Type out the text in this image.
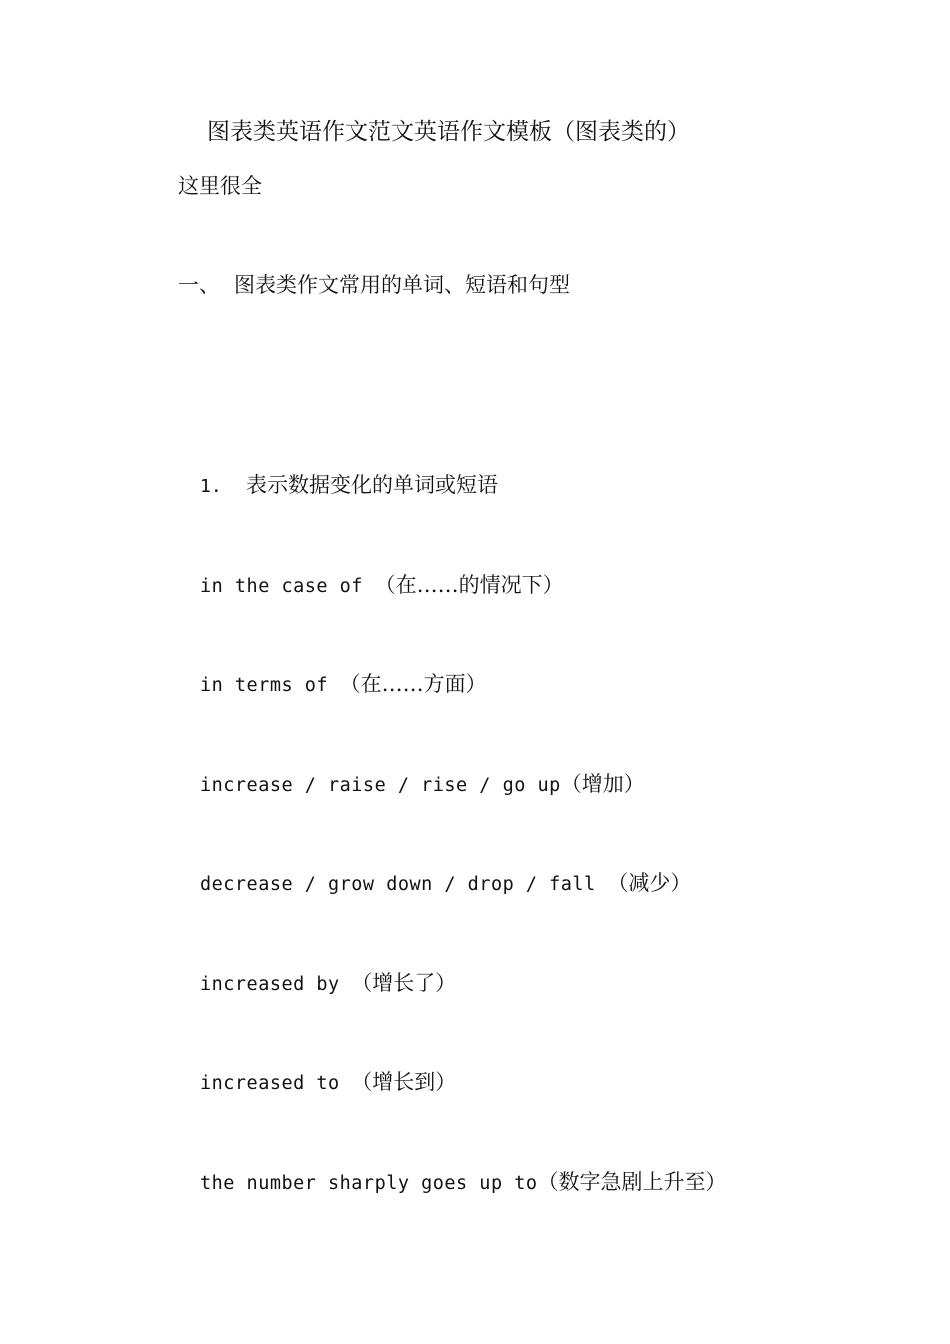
图表类英语作文范文英语作文模板（图表类的）
这里很全
一、 图表类作文常用的单词、短语和句型
1. 表示数据变化的单词或短语
in the case of （在……的情况下）
in terms of （在……方面）
increase / raise / rise / go up（增加）
decrease / grow down / drop / fall （减少）
increased by （增长了）
increased to （增长到）
the number sharply goes up to（数字急剧上升至）
